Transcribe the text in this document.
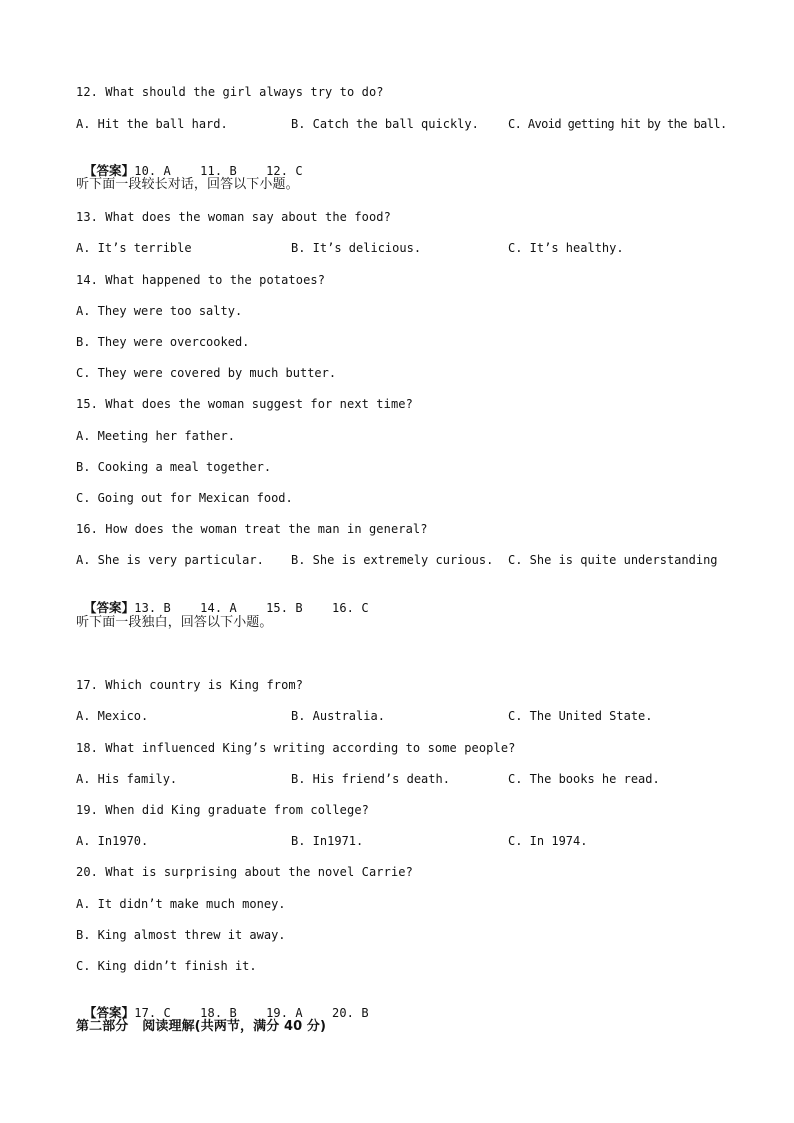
12. What should the girl always try to do?
A. Hit the ball hard.	B. Catch the ball quickly. C. Avoid getting hit by the ball.

【答案】10. A    11. B    12. C

听下面一段较长对话，回答以下小题。
13. What does the woman say about the food?
A. It’s terrible	B. It’s delicious.	C. It’s healthy.
14. What happened to the potatoes?
A. They were too salty.
B. They were overcooked.
C. They were covered by much butter.
15. What does the woman suggest for next time?
A. Meeting her father.
B. Cooking a meal together.
C. Going out for Mexican food.
16. How does the woman treat the man in general?
A. She is very particular. B. She is extremely curious. C. She is quite understanding

【答案】13. B    14. A    15. B    16. C

听下面一段独白，回答以下小题。
17. Which country is King from?
A. Mexico.	B. Australia.	C. The United State.
18. What influenced King’s writing according to some people?
A. His family.	B. His friend’s death.	C. The books he read.
19. When did King graduate from college?
A. In1970.	B. In1971.	C. In 1974.
20. What is surprising about the novel Carrie?
A. It didn’t make much money.
B. King almost threw it away.
C. King didn’t finish it.

【答案】17. C    18. B    19. A    20. B

第二部分   阅读理解(共两节，满分 40 分)
